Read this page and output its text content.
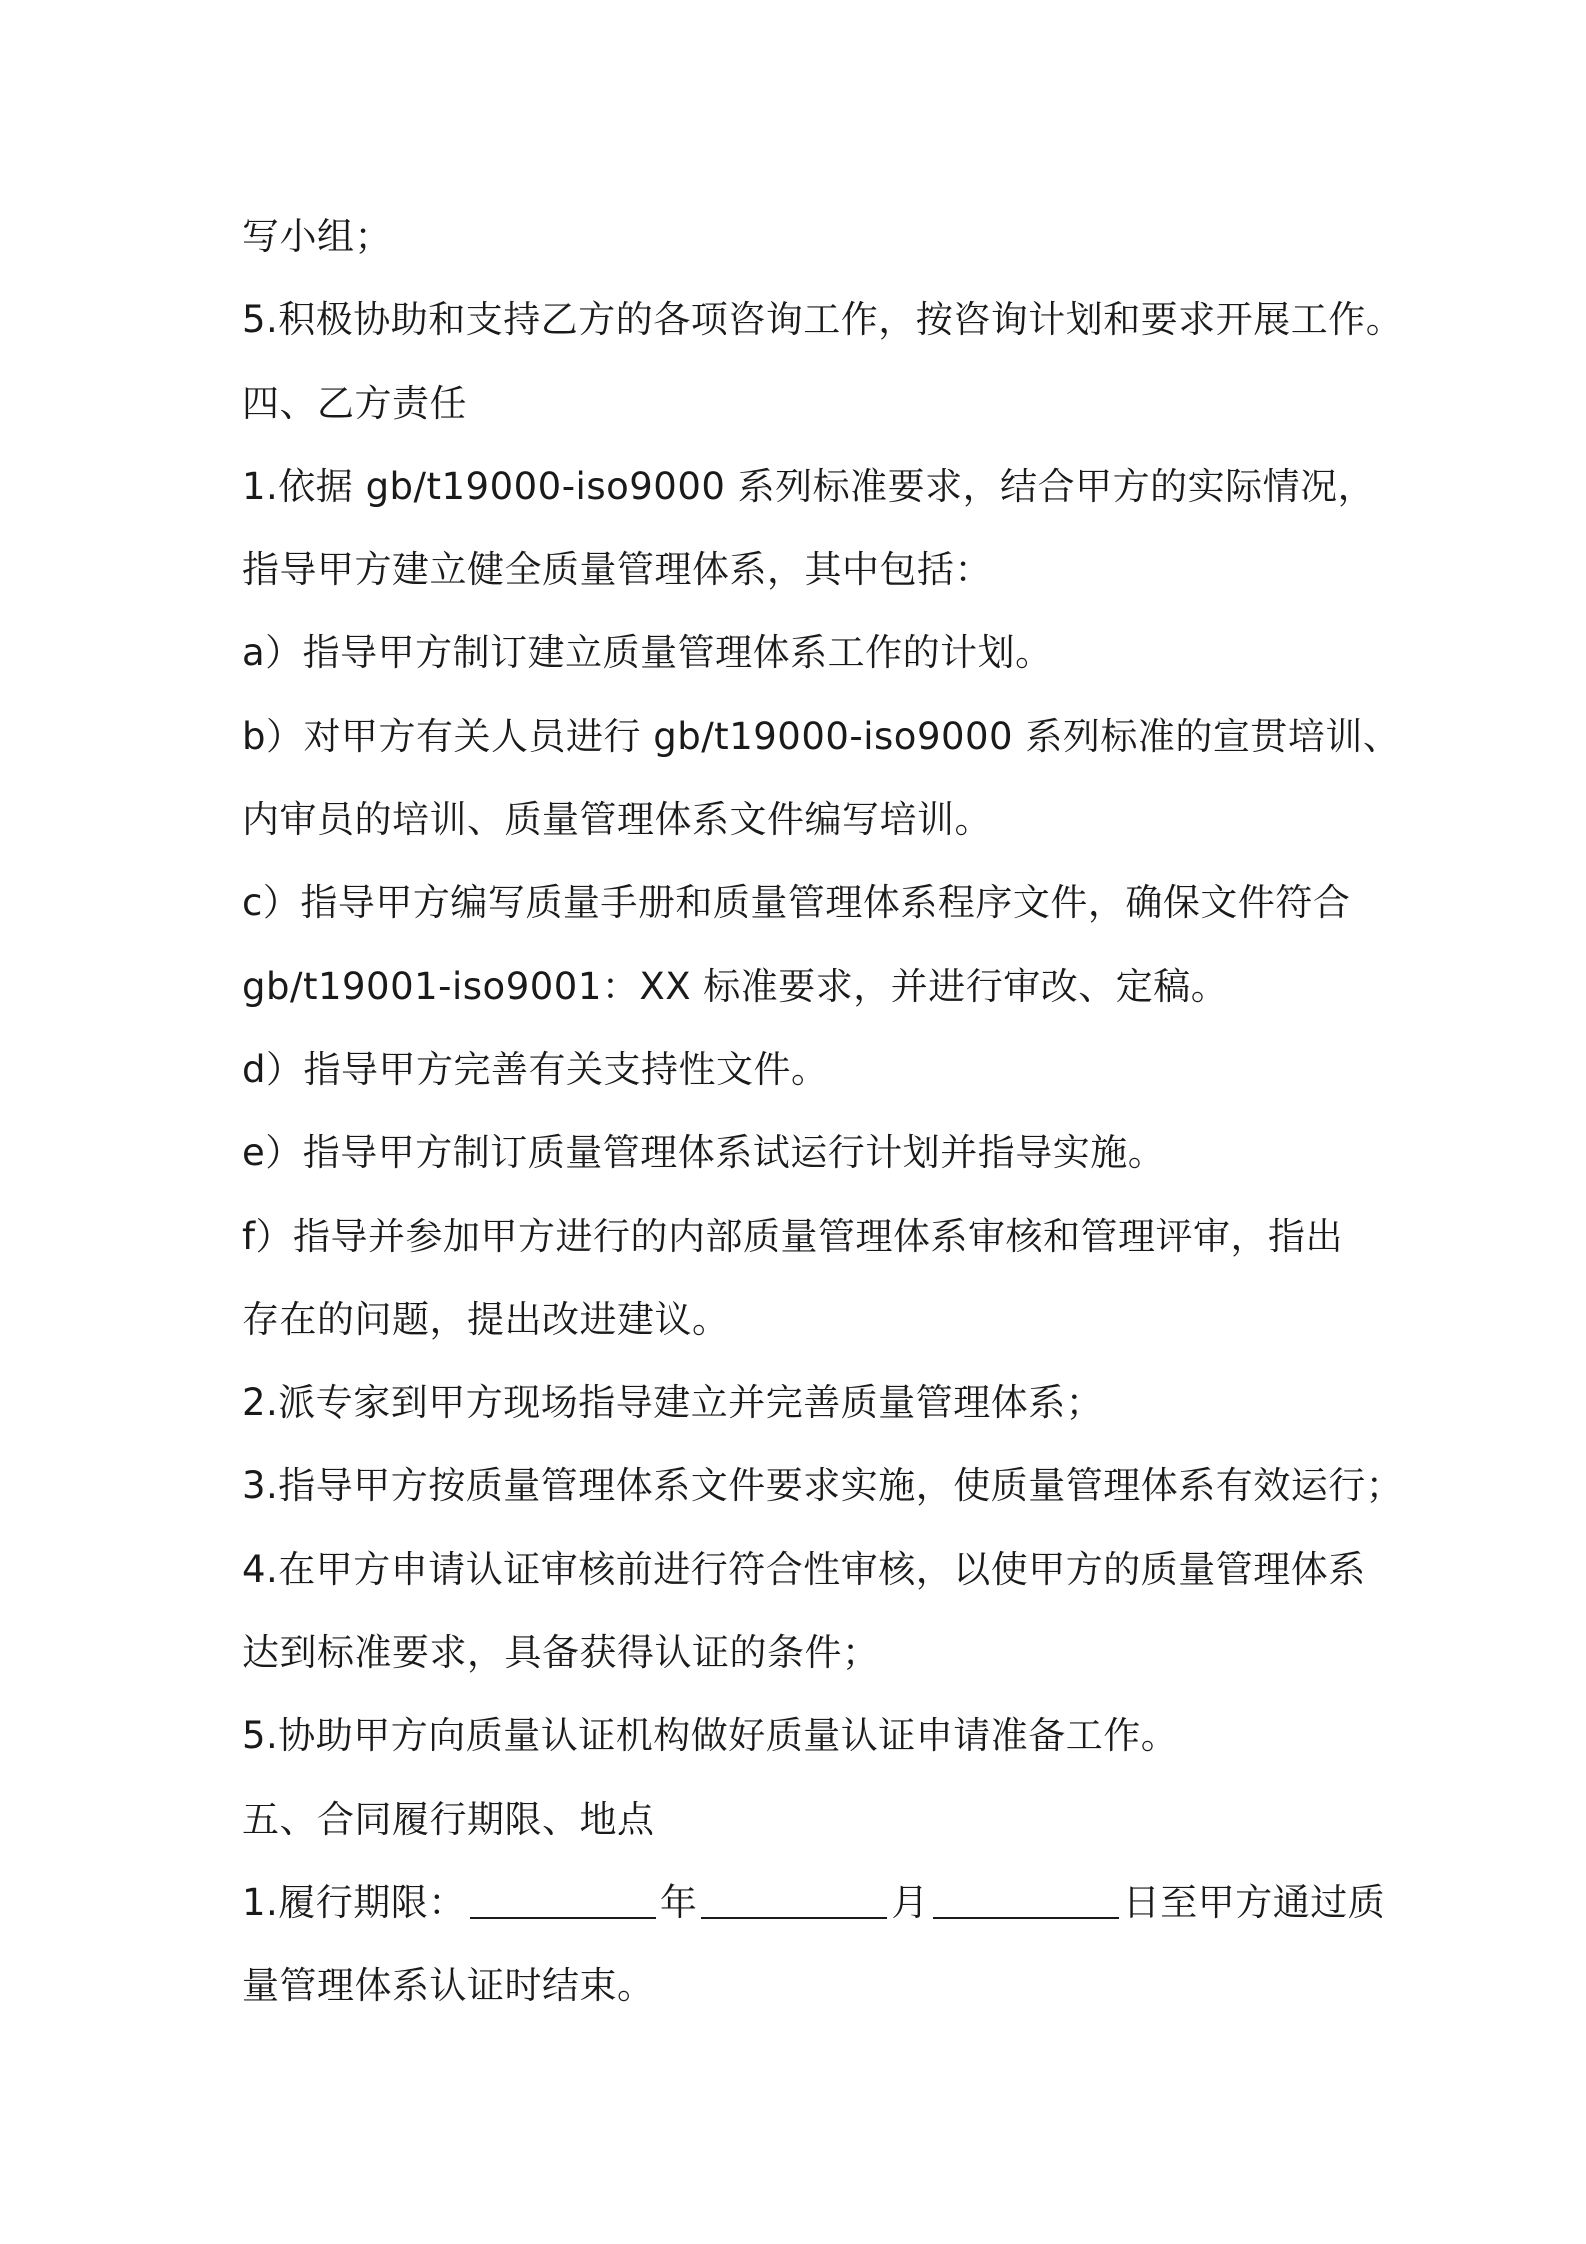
写小组；
5.积极协助和支持乙方的各项咨询工作，按咨询计划和要求开展工作。
四、乙方责任
1.依据 gb/t19000-iso9000 系列标准要求，结合甲方的实际情况，
指导甲方建立健全质量管理体系，其中包括：
a）指导甲方制订建立质量管理体系工作的计划。
b）对甲方有关人员进行 gb/t19000-iso9000 系列标准的宣贯培训、
内审员的培训、质量管理体系文件编写培训。
c）指导甲方编写质量手册和质量管理体系程序文件，确保文件符合
gb/t19001-iso9001：XX 标准要求，并进行审改、定稿。
d）指导甲方完善有关支持性文件。
e）指导甲方制订质量管理体系试运行计划并指导实施。
f）指导并参加甲方进行的内部质量管理体系审核和管理评审，指出
存在的问题，提出改进建议。
2.派专家到甲方现场指导建立并完善质量管理体系；
3.指导甲方按质量管理体系文件要求实施，使质量管理体系有效运行；
4.在甲方申请认证审核前进行符合性审核，以使甲方的质量管理体系
达到标准要求，具备获得认证的条件；
5.协助甲方向质量认证机构做好质量认证申请准备工作。
五、合同履行期限、地点
1.履行期限：	年	月	日至甲方通过质
量管理体系认证时结束。
